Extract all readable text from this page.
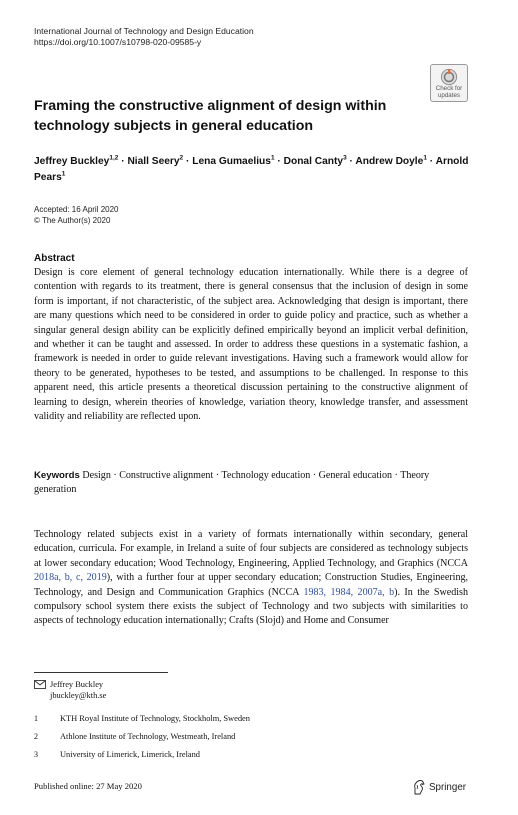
International Journal of Technology and Design Education
https://doi.org/10.1007/s10798-020-09585-y
Check for
updates
Framing the constructive alignment of design within technology subjects in general education
Jeffrey Buckley$^{1,2}$ · Niall Seery$^2$ · Lena Gumaelius$^1$ · Donal Canty$^3$ · Andrew Doyle$^1$ · Arnold Pears$^1$
Accepted: 16 April 2020
© The Author(s) 2020
Abstract
Design is core element of general technology education internationally. While there is a degree of contention with regards to its treatment, there is general consensus that the inclusion of design in some form is important, if not characteristic, of the subject area. Acknowledging that design is important, there are many questions which need to be considered in order to guide policy and practice, such as whether a singular general design ability can be explicitly defined empirically beyond an implicit verbal definition, and whether it can be taught and assessed. In order to address these questions in a systematic fashion, a framework is needed in order to guide relevant investigations. Having such a framework would allow for theory to be generated, hypotheses to be tested, and assumptions to be challenged. In response to this apparent need, this article presents a theoretical discussion pertaining to the constructive alignment of learning to design, wherein theories of knowledge, variation theory, knowledge transfer, and assessment validity and reliability are reflected upon.
Keywords Design · Constructive alignment · Technology education · General education · Theory generation
Technology related subjects exist in a variety of formats internationally within secondary, general education, curricula. For example, in Ireland a suite of four subjects are considered as technology subjects at lower secondary education; Wood Technology, Engineering, Applied Technology, and Graphics (NCCA 2018a, b, c, 2019), with a further four at upper secondary education; Construction Studies, Engineering, Technology, and Design and Communication Graphics (NCCA 1983, 1984, 2007a, b). In the Swedish compulsory school system there exists the subject of Technology and two subjects with similarities to aspects of technology education internationally; Crafts (Slojd) and Home and Consumer
Jeffrey Buckley
jbuckley@kth.se
1	KTH Royal Institute of Technology, Stockholm, Sweden
2	Athlone Institute of Technology, Westmeath, Ireland
3	University of Limerick, Limerick, Ireland
Published online: 27 May 2020	Springer
